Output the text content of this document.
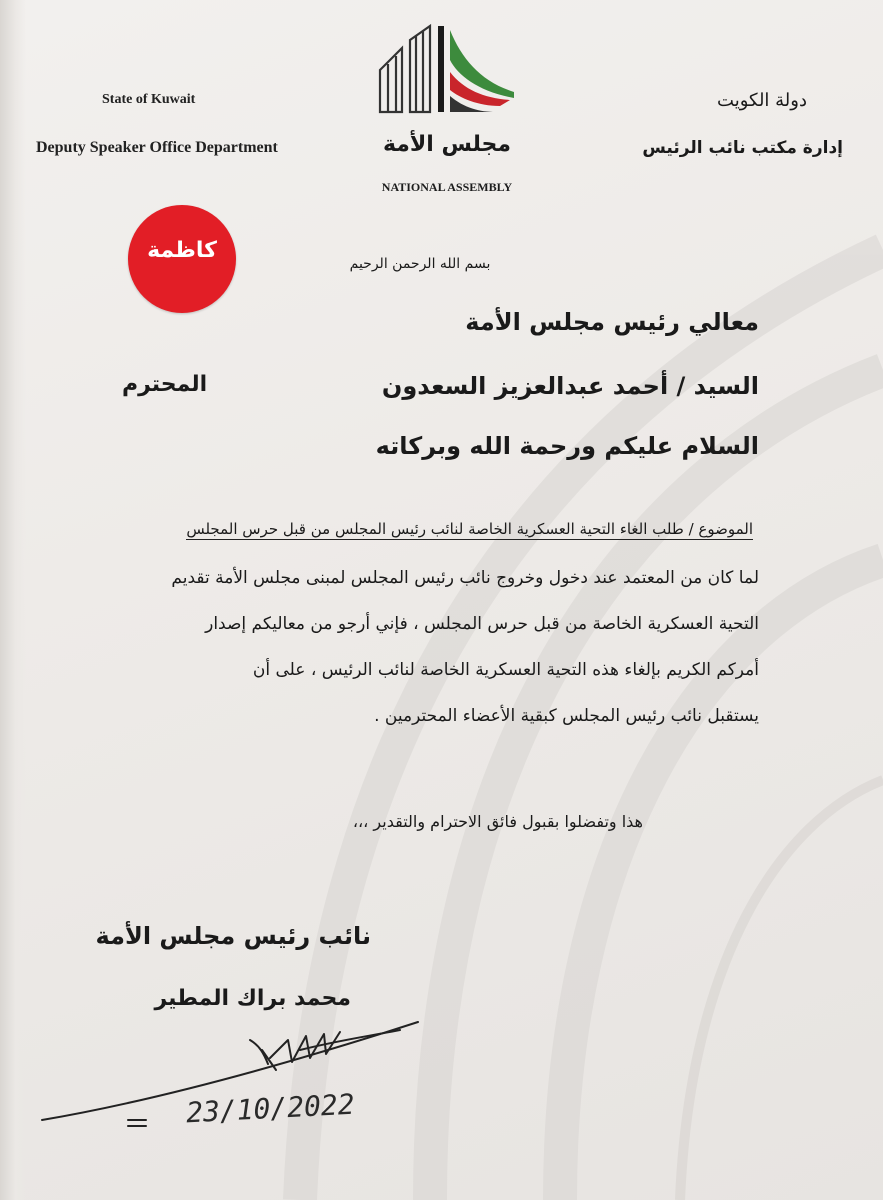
State of Kuwait
Deputy Speaker Office Department
دولة الكويت
إدارة مكتب نائب الرئيس
مجلس الأمة
NATIONAL ASSEMBLY
كاظمة
بسم الله الرحمن الرحيم
معالي رئيس مجلس الأمة
السيد / أحمد عبدالعزيز السعدون
المحترم
السلام عليكم ورحمة الله وبركاته
الموضوع / طلب الغاء التحية العسكرية الخاصة لنائب رئيس المجلس من قبل حرس المجلس
لما كان من المعتمد عند دخول وخروج نائب رئيس المجلس لمبنى مجلس الأمة تقديم
التحية العسكرية الخاصة من قبل حرس المجلس ، فإني أرجو من معاليكم إصدار
أمركم الكريم بإلغاء هذه التحية العسكرية الخاصة لنائب الرئيس ، على أن
يستقبل نائب رئيس المجلس كبقية الأعضاء المحترمين .
هذا وتفضلوا بقبول فائق الاحترام والتقدير ،،،
نائب رئيس مجلس الأمة
محمد براك المطير
23/10/2022
